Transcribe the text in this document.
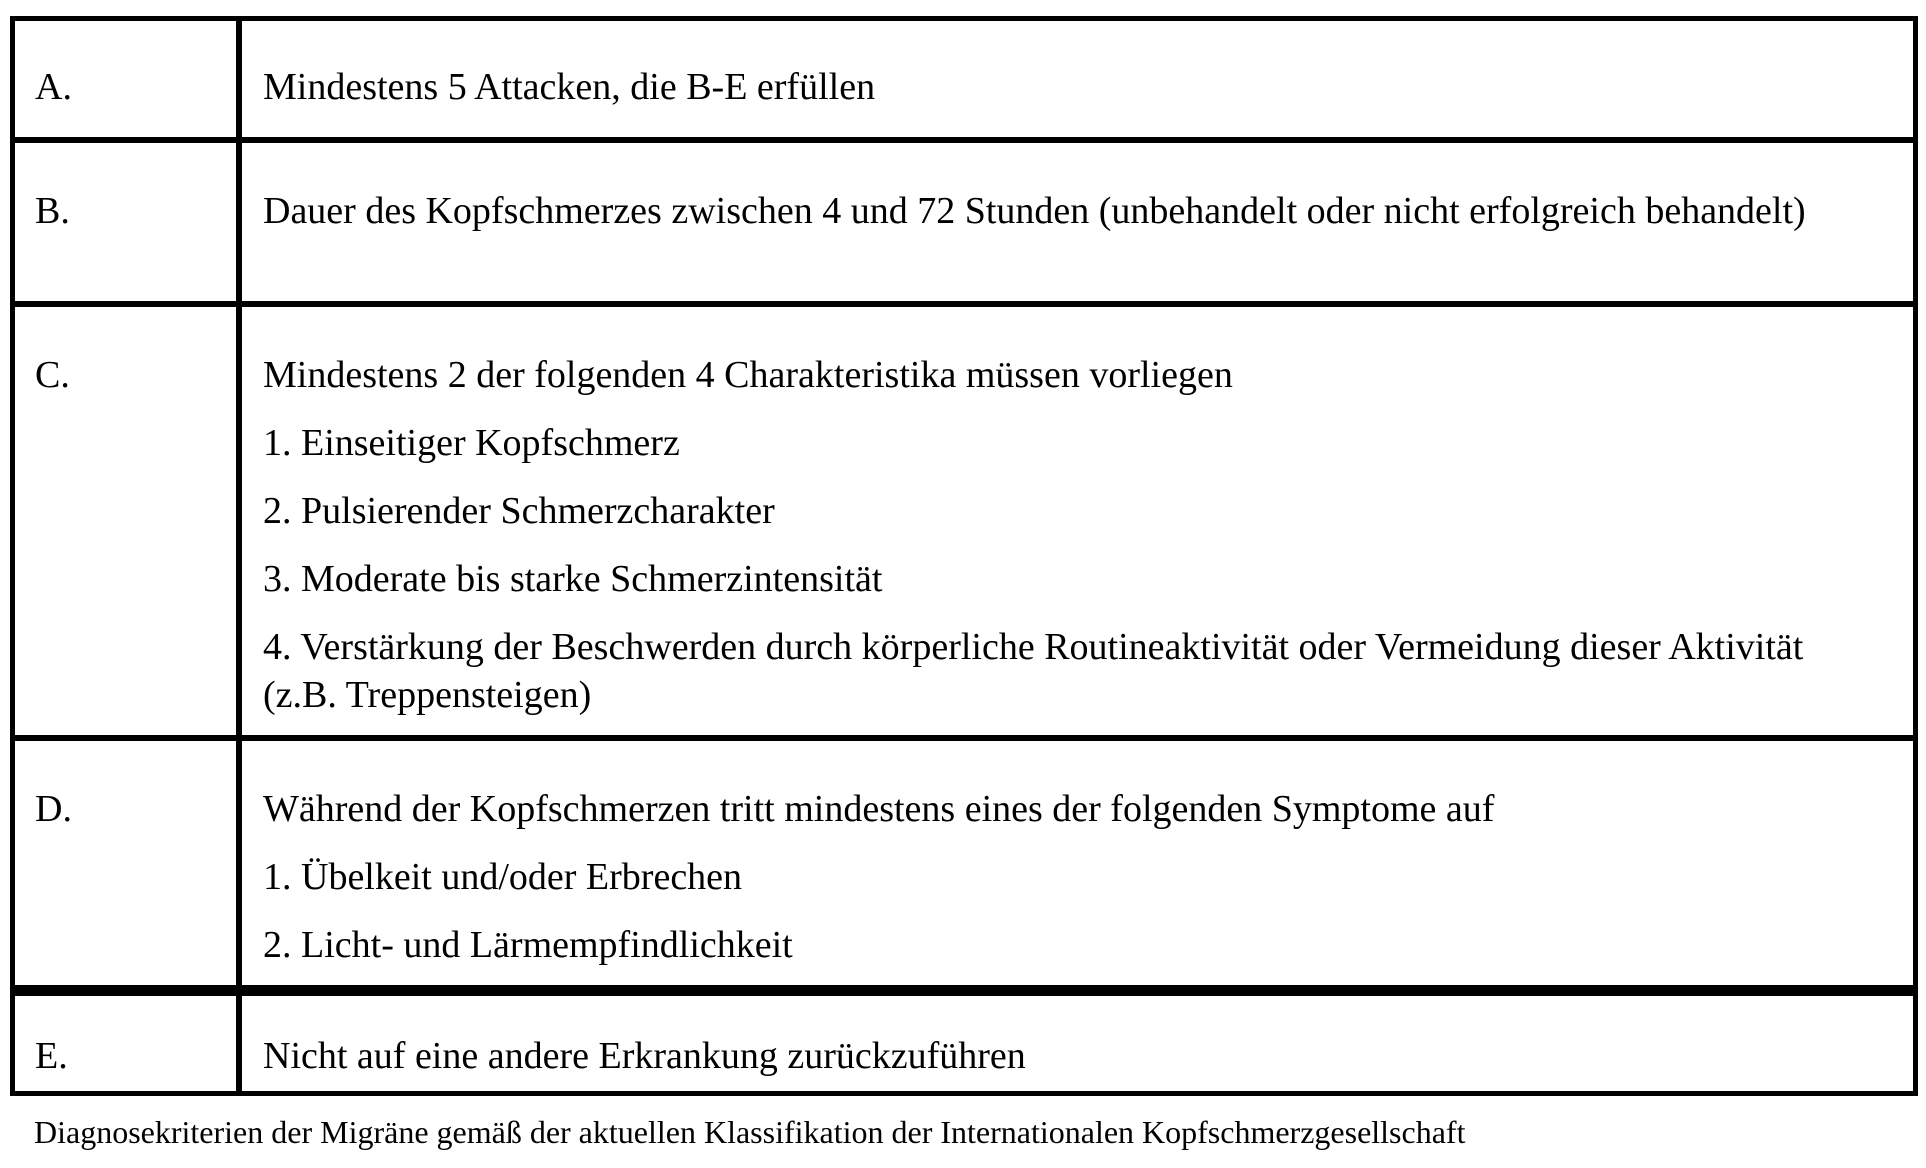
A.	Mindestens 5 Attacken, die B-E erfüllen
B.	Dauer des Kopfschmerzes zwischen 4 und 72 Stunden (unbehandelt oder nicht erfolgreich behandelt)
C.	Mindestens 2 der folgenden 4 Charakteristika müssen vorliegen
1. Einseitiger Kopfschmerz
2. Pulsierender Schmerzcharakter
3. Moderate bis starke Schmerzintensität
4. Verstärkung der Beschwerden durch körperliche Routineaktivität oder Vermeidung dieser Aktivität (z.B. Treppensteigen)
D.	Während der Kopfschmerzen tritt mindestens eines der folgenden Symptome auf
1. Übelkeit und/oder Erbrechen
2. Licht- und Lärmempfindlichkeit
E.	Nicht auf eine andere Erkrankung zurückzuführen
Diagnosekriterien der Migräne gemäß der aktuellen Klassifikation der Internationalen Kopfschmerzgesellschaft
